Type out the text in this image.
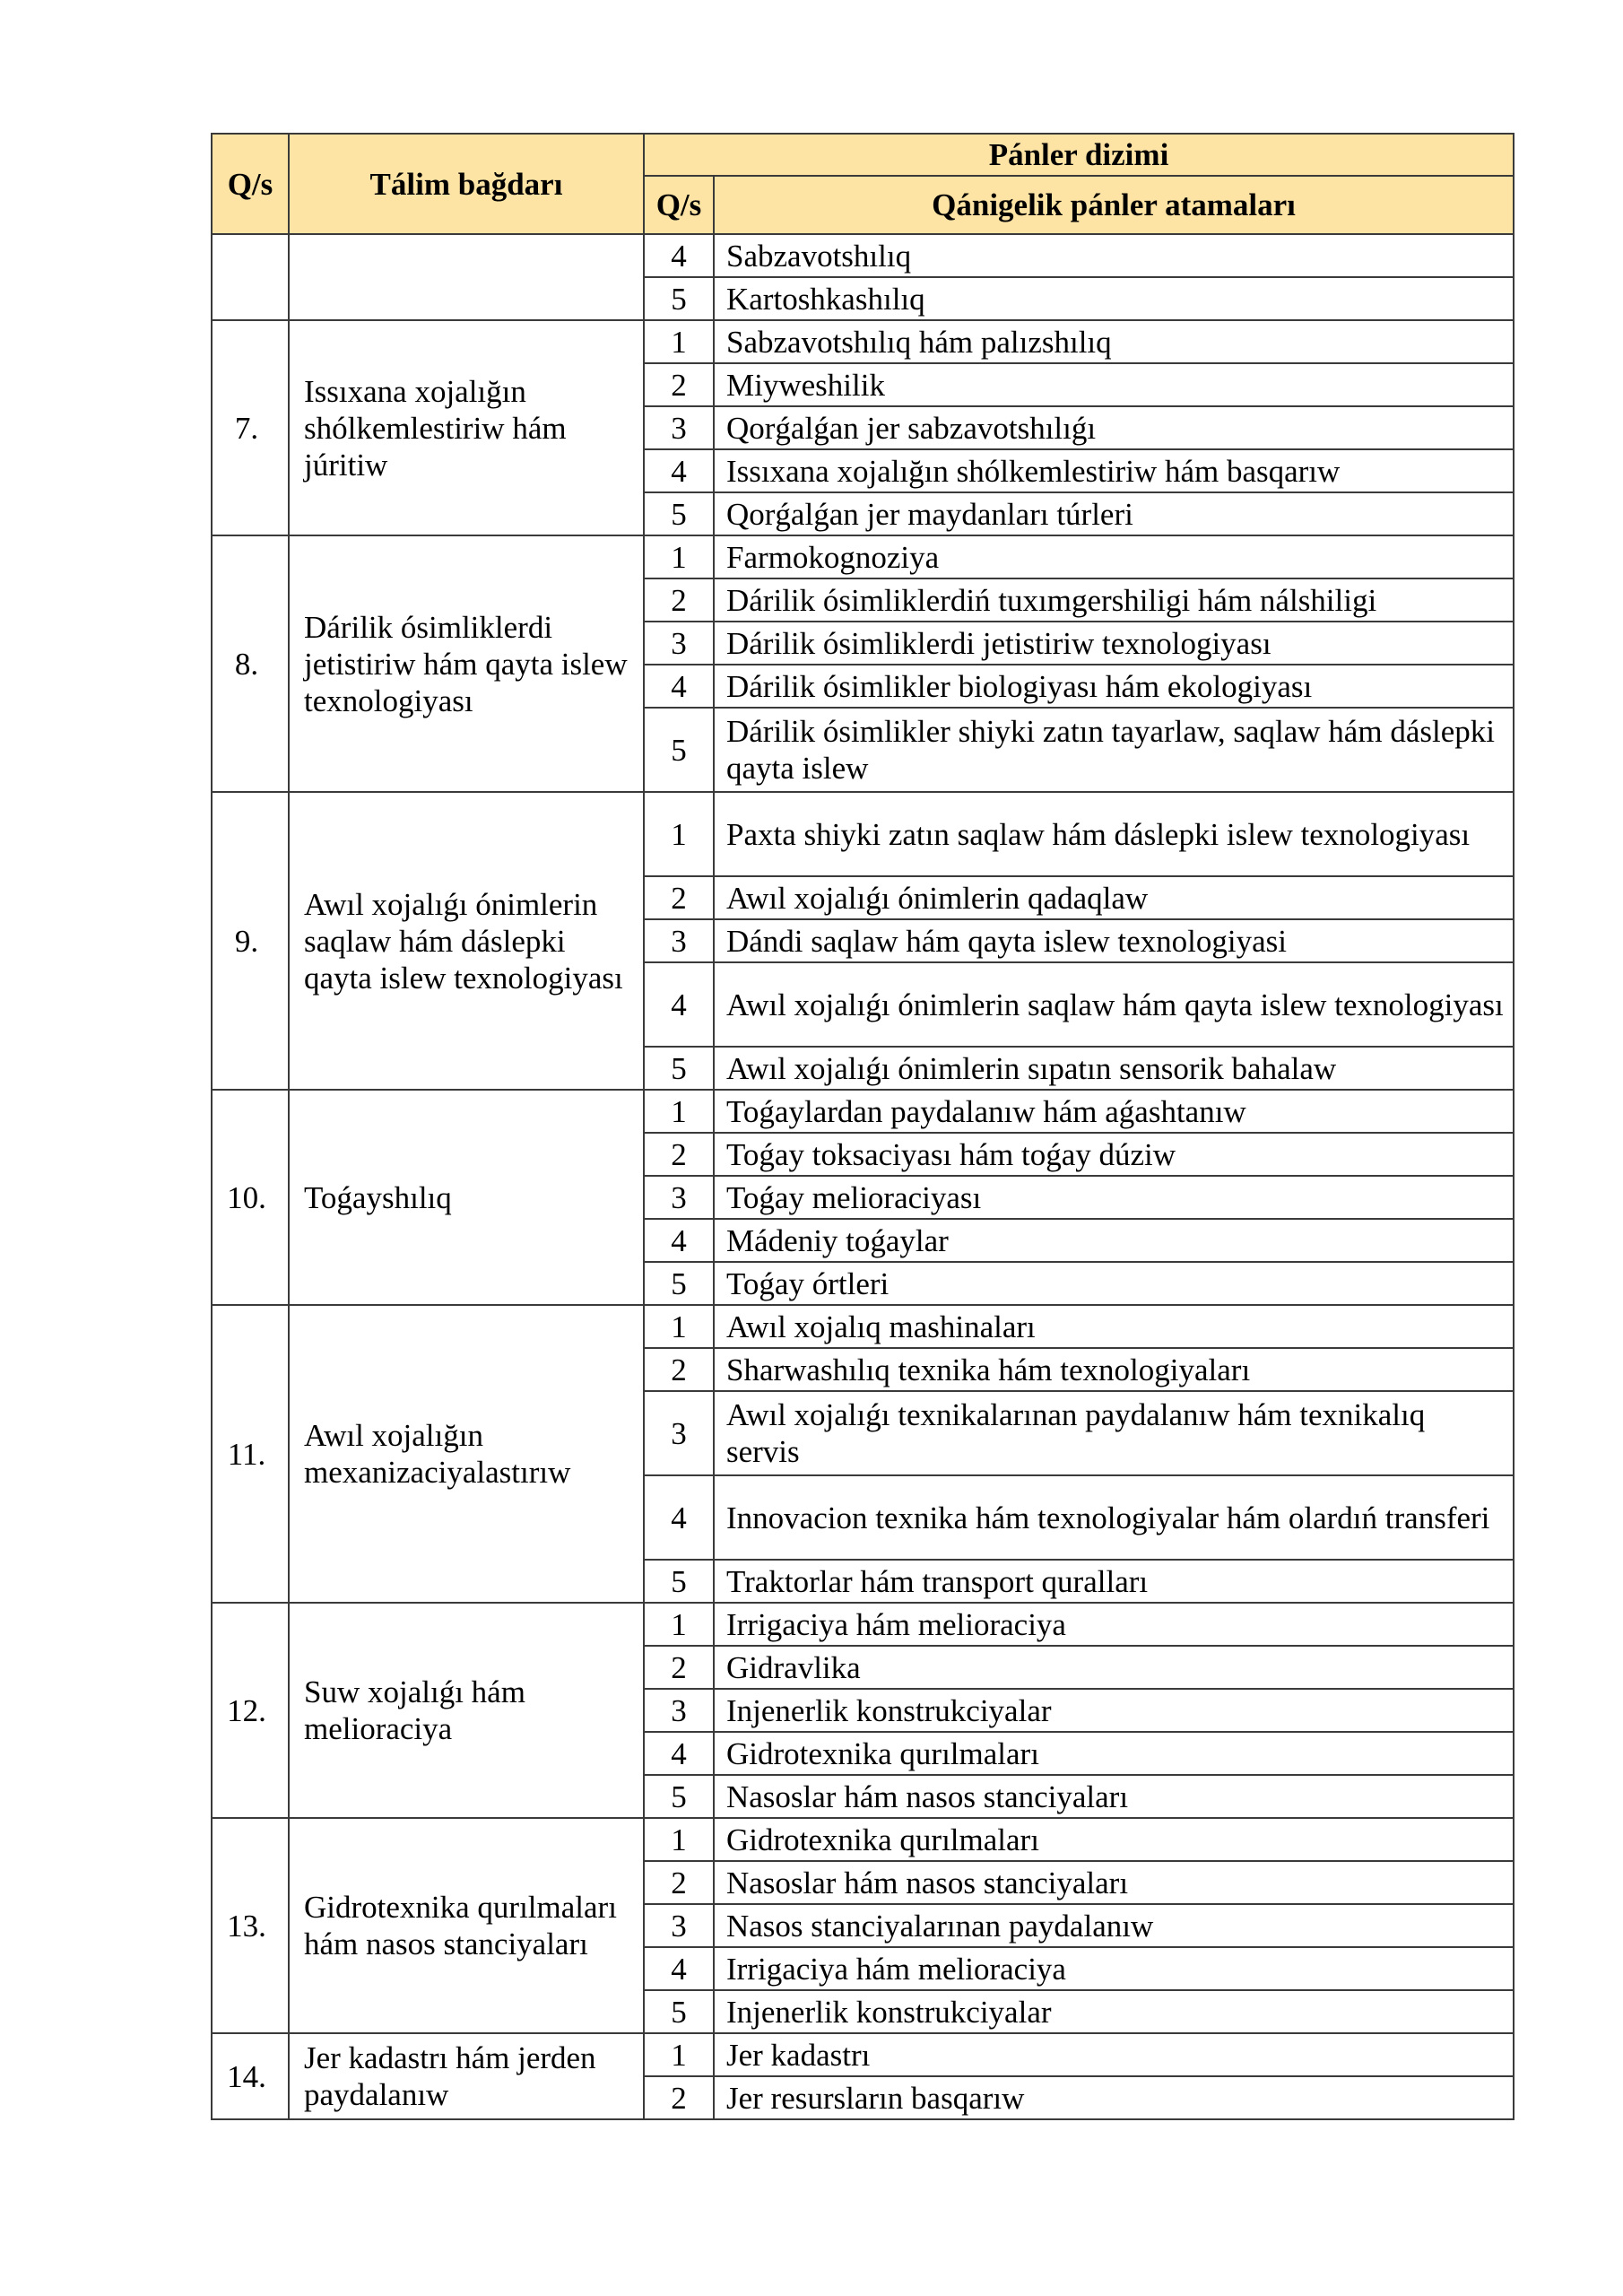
Q/s	Tálim bağdarı	Pánler dizimi	
		Q/s	Qánigelik pánler atamaları
		4	Sabzavotshılıq
		5	Kartoshkashılıq
7.	Issıxana xojalığın shólkemlestiriw hám júritiw	1	Sabzavotshılıq hám palızshılıq
		2	Miyweshilik
		3	Qorǵalǵan jer sabzavotshılıǵı
		4	Issıxana xojalığın shólkemlestiriw hám basqarıw
		5	Qorǵalǵan jer maydanları túrleri
8.	Dárilik ósimliklerdi jetistiriw hám qayta islew texnologiyası	1	Farmokognoziya
		2	Dárilik ósimliklerdiń tuxımgershiligi hám nálshiligi
		3	Dárilik ósimliklerdi jetistiriw texnologiyası
		4	Dárilik ósimlikler biologiyası hám ekologiyası
		5	Dárilik ósimlikler shiyki zatın tayarlaw, saqlaw hám dáslepki qayta islew
9.	Awıl xojalıǵı ónimlerin saqlaw hám dáslepki qayta islew texnologiyası	1	Paxta shiyki zatın saqlaw hám dáslepki islew texnologiyası
		2	Awıl xojalıǵı ónimlerin qadaqlaw
		3	Dándi saqlaw hám qayta islew texnologiyasi
		4	Awıl xojalıǵı ónimlerin saqlaw hám qayta islew texnologiyası
		5	Awıl xojalıǵı ónimlerin sıpatın sensorik bahalaw
10.	Toǵayshılıq	1	Toǵaylardan paydalanıw hám aǵashtanıw
		2	Toǵay toksaciyası hám toǵay dúziw
		3	Toǵay melioraciyası
		4	Mádeniy toǵaylar
		5	Toǵay órtleri
11.	Awıl xojalığın mexanizaciyalastırıw	1	Awıl xojalıq mashinaları
		2	Sharwashılıq texnika hám texnologiyaları
		3	Awıl xojalıǵı texnikalarınan paydalanıw hám texnikalıq servis
		4	Innovacion texnika hám texnologiyalar hám olardıń transferi
		5	Traktorlar hám transport quralları
12.	Suw xojalıǵı hám melioraciya	1	Irrigaciya hám melioraciya
		2	Gidravlika
		3	Injenerlik konstrukciyalar
		4	Gidrotexnika qurılmaları
		5	Nasoslar hám nasos stanciyaları
13.	Gidrotexnika qurılmaları hám nasos stanciyaları	1	Gidrotexnika qurılmaları
		2	Nasoslar hám nasos stanciyaları
		3	Nasos stanciyalarınan paydalanıw
		4	Irrigaciya hám melioraciya
		5	Injenerlik konstrukciyalar
14.	Jer kadastrı hám jerden paydalanıw	1	Jer kadastrı
		2	Jer resursların basqarıw
